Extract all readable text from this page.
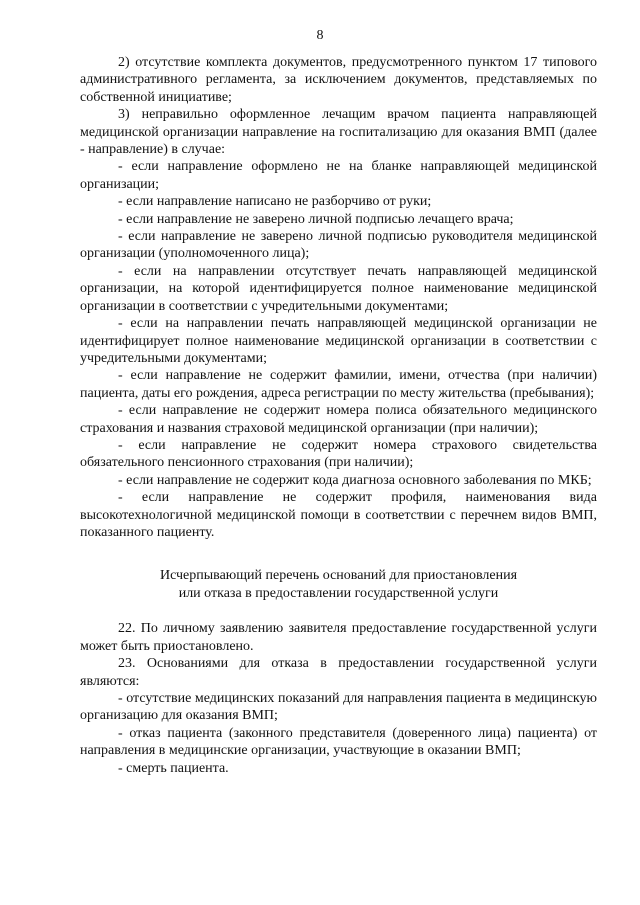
8

2) отсутствие комплекта документов, предусмотренного пунктом 17 типового административного регламента, за исключением документов, представляемых по собственной инициативе;

3) неправильно оформленное лечащим врачом пациента направляющей медицинской организации направление на госпитализацию для оказания ВМП (далее - направление) в случае:

- если направление оформлено не на бланке направляющей медицинской организации;

- если направление написано не разборчиво от руки;

- если направление не заверено личной подписью лечащего врача;

- если направление не заверено личной подписью руководителя медицинской организации (уполномоченного лица);

- если на направлении отсутствует печать направляющей медицинской организации, на которой идентифицируется полное наименование медицинской организации в соответствии с учредительными документами;

- если на направлении печать направляющей медицинской организации не идентифицирует полное наименование медицинской организации в соответствии с учредительными документами;

- если направление не содержит фамилии, имени, отчества (при наличии) пациента, даты его рождения, адреса регистрации по месту жительства (пребывания);

- если направление не содержит номера полиса обязательного медицинского страхования и названия страховой медицинской организации (при наличии);

- если направление не содержит номера страхового свидетельства обязательного пенсионного страхования (при наличии);

- если направление не содержит кода диагноза основного заболевания по МКБ;

- если направление не содержит профиля, наименования вида высокотехнологичной медицинской помощи в соответствии с перечнем видов ВМП, показанного пациенту.

Исчерпывающий перечень оснований для приостановления
или отказа в предоставлении государственной услуги

22. По личному заявлению заявителя предоставление государственной услуги может быть приостановлено.

23. Основаниями для отказа в предоставлении государственной услуги являются:

- отсутствие медицинских показаний для направления пациента в медицинскую организацию для оказания ВМП;

- отказ пациента (законного представителя (доверенного лица) пациента) от направления в медицинские организации, участвующие в оказании ВМП;

- смерть пациента.
